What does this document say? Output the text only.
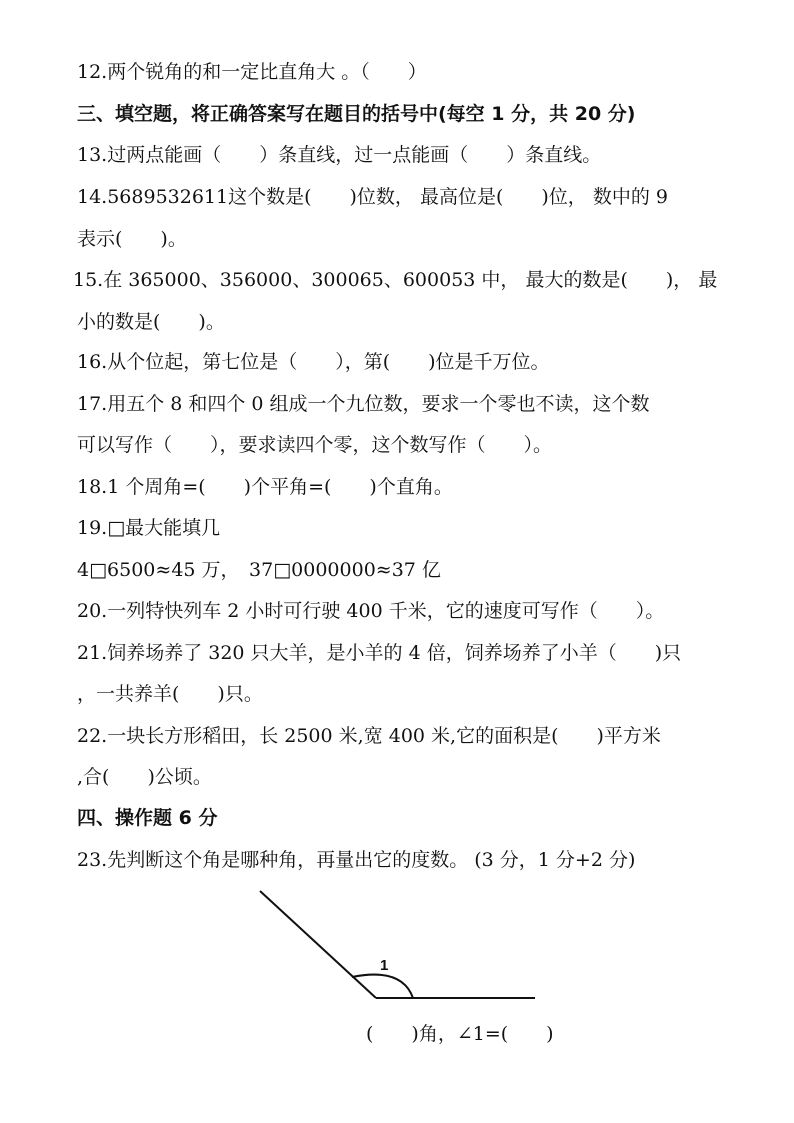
12.两个锐角的和一定比直角大 。（　　）
三、填空题，将正确答案写在题目的括号中(每空 1 分，共 20 分)
13.过两点能画（　　）条直线，过一点能画（　　）条直线。
14.5689532611这个数是(　　)位数， 最高位是(　　)位， 数中的 9
表示(　　)。
15.在 365000、356000、300065、600053 中， 最大的数是(　　)， 最
小的数是(　　)。
16.从个位起，第七位是（　　），第(　　)位是千万位。
17.用五个 8 和四个 0 组成一个九位数，要求一个零也不读，这个数
可以写作（　　），要求读四个零，这个数写作（　　）。
18.1 个周角=(　　)个平角=(　　)个直角。
19.□最大能填几
4□6500≈45 万，　37□0000000≈37 亿
20.一列特快列车 2 小时可行驶 400 千米，它的速度可写作（　　）。
21.饲养场养了 320 只大羊，是小羊的 4 倍，饲养场养了小羊（　　)只
，一共养羊(　　)只。
22.一块长方形稻田，长 2500 米,宽 400 米,它的面积是(　　)平方米
,合(　　)公顷。
四、操作题 6 分
23.先判断这个角是哪种角，再量出它的度数。 (3 分，1 分+2 分)
1
(　　)角，∠1=(　　)
